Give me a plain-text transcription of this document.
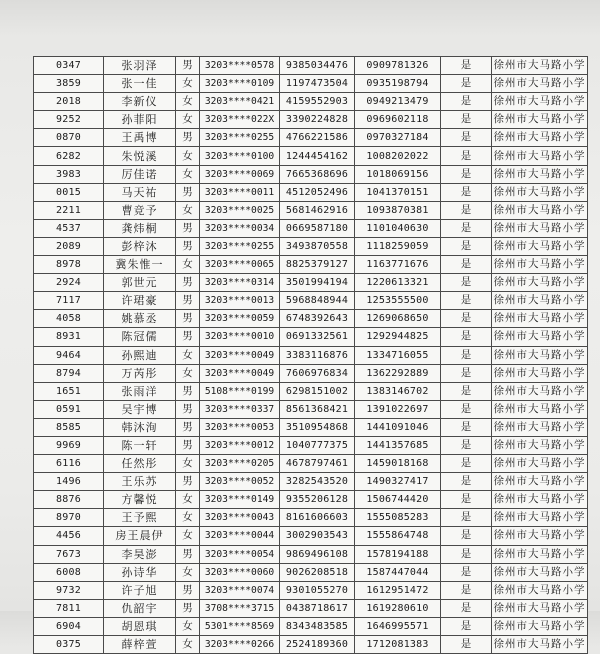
0347	张羽泽	男	3203****0578	9385034476	0909781326	是	徐州市大马路小学
3859	张一佳	女	3203****0109	1197473504	0935198794	是	徐州市大马路小学
2018	李新仪	女	3203****0421	4159552903	0949213479	是	徐州市大马路小学
9252	孙菲阳	女	3203****022X	3390224828	0969602118	是	徐州市大马路小学
0870	王禹博	男	3203****0255	4766221586	0970327184	是	徐州市大马路小学
6282	朱悦溪	女	3203****0100	1244454162	1008202022	是	徐州市大马路小学
3983	厉佳诺	女	3203****0069	7665368696	1018069156	是	徐州市大马路小学
0015	马天祐	男	3203****0011	4512052496	1041370151	是	徐州市大马路小学
2211	曹竞予	女	3203****0025	5681462916	1093870381	是	徐州市大马路小学
4537	龚炜桐	男	3203****0034	0669587180	1101040630	是	徐州市大马路小学
2089	彭梓沐	男	3203****0255	3493870558	1118259059	是	徐州市大马路小学
8978	冀朱惟一	女	3203****0065	8825379127	1163771676	是	徐州市大马路小学
2924	郭世元	男	3203****0314	3501994194	1220613321	是	徐州市大马路小学
7117	许珺豪	男	3203****0013	5968848944	1253555500	是	徐州市大马路小学
4058	姚慕丞	男	3203****0059	6748392643	1269068650	是	徐州市大马路小学
8931	陈冠儒	男	3203****0010	0691332561	1292944825	是	徐州市大马路小学
9464	孙熙迪	女	3203****0049	3383116876	1334716055	是	徐州市大马路小学
8794	万芮彤	女	3203****0049	7606976834	1362292889	是	徐州市大马路小学
1651	张雨洋	男	5108****0199	6298151002	1383146702	是	徐州市大马路小学
0591	吴宇博	男	3203****0337	8561368421	1391022697	是	徐州市大马路小学
8585	韩沐洵	男	3203****0053	3510954868	1441091046	是	徐州市大马路小学
9969	陈一轩	男	3203****0012	1040777375	1441357685	是	徐州市大马路小学
6116	任然彤	女	3203****0205	4678797461	1459018168	是	徐州市大马路小学
1496	王乐苏	男	3203****0052	3282543520	1490327417	是	徐州市大马路小学
8876	方馨悦	女	3203****0149	9355206128	1506744420	是	徐州市大马路小学
8970	王予熙	女	3203****0043	8161606603	1555085283	是	徐州市大马路小学
4456	房王晨伊	女	3203****0044	3002903543	1555864748	是	徐州市大马路小学
7673	李昊澎	男	3203****0054	9869496108	1578194188	是	徐州市大马路小学
6008	孙诗华	女	3203****0060	9026208518	1587447044	是	徐州市大马路小学
9732	许子旭	男	3203****0074	9301055270	1612951472	是	徐州市大马路小学
7811	仇韶宇	男	3708****3715	0438718617	1619280610	是	徐州市大马路小学
6904	胡恩琪	女	5301****8569	8343483585	1646995571	是	徐州市大马路小学
0375	薛梓萱	女	3203****0266	2524189360	1712081383	是	徐州市大马路小学
